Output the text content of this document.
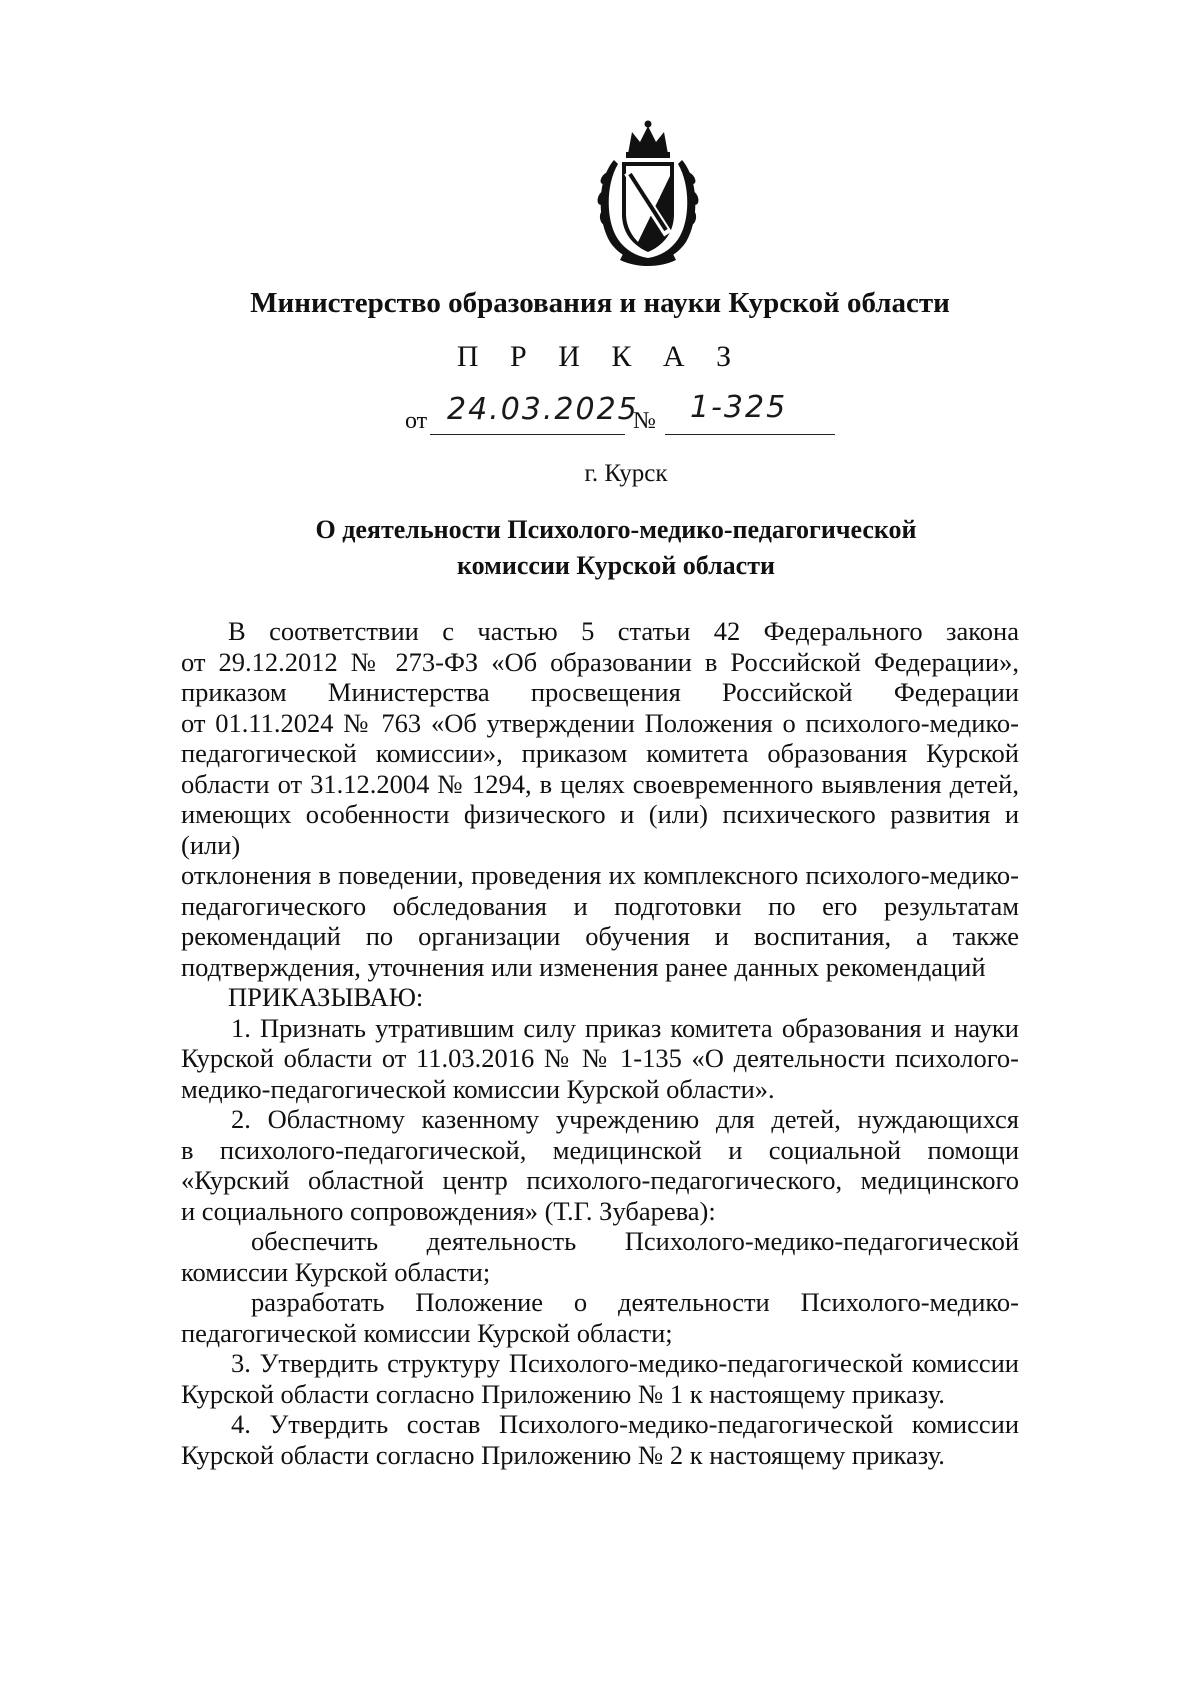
Министерство образования и науки Курской области
П Р И К А З
от 24.03.2025
№ 1-325
г. Курск
О деятельности Психолого-медико-педагогической
комиссии Курской области

В соответствии с частью 5 статьи 42 Федерального закона

от 29.12.2012 № 273-ФЗ «Об образовании в Российской Федерации»,

приказом Министерства просвещения Российской Федерации

от 01.11.2024 № 763 «Об утверждении Положения о психолого-медико-

педагогической комиссии», приказом комитета образования Курской

области от 31.12.2004 № 1294, в целях своевременного выявления детей,

имеющих особенности физического и (или) психического развития и (или)

отклонения в поведении, проведения их комплексного психолого-медико-

педагогического обследования и подготовки по его результатам

рекомендаций по организации обучения и воспитания, а также

подтверждения, уточнения или изменения ранее данных рекомендаций

ПРИКАЗЫВАЮ:

1. Признать утратившим силу приказ комитета образования и науки

Курской области от 11.03.2016 № № 1-135 «О деятельности психолого-

медико-педагогической комиссии Курской области».

2. Областному казенному учреждению для детей, нуждающихся

в психолого-педагогической, медицинской и социальной помощи

«Курский областной центр психолого-педагогического, медицинского

и социального сопровождения» (Т.Г. Зубарева):

обеспечить деятельность Психолого-медико-педагогической

комиссии Курской области;

разработать Положение о деятельности Психолого-медико-

педагогической комиссии Курской области;

3. Утвердить структуру Психолого-медико-педагогической комиссии

Курской области согласно Приложению № 1 к настоящему приказу.

4. Утвердить состав Психолого-медико-педагогической комиссии

Курской области согласно Приложению № 2 к настоящему приказу.
